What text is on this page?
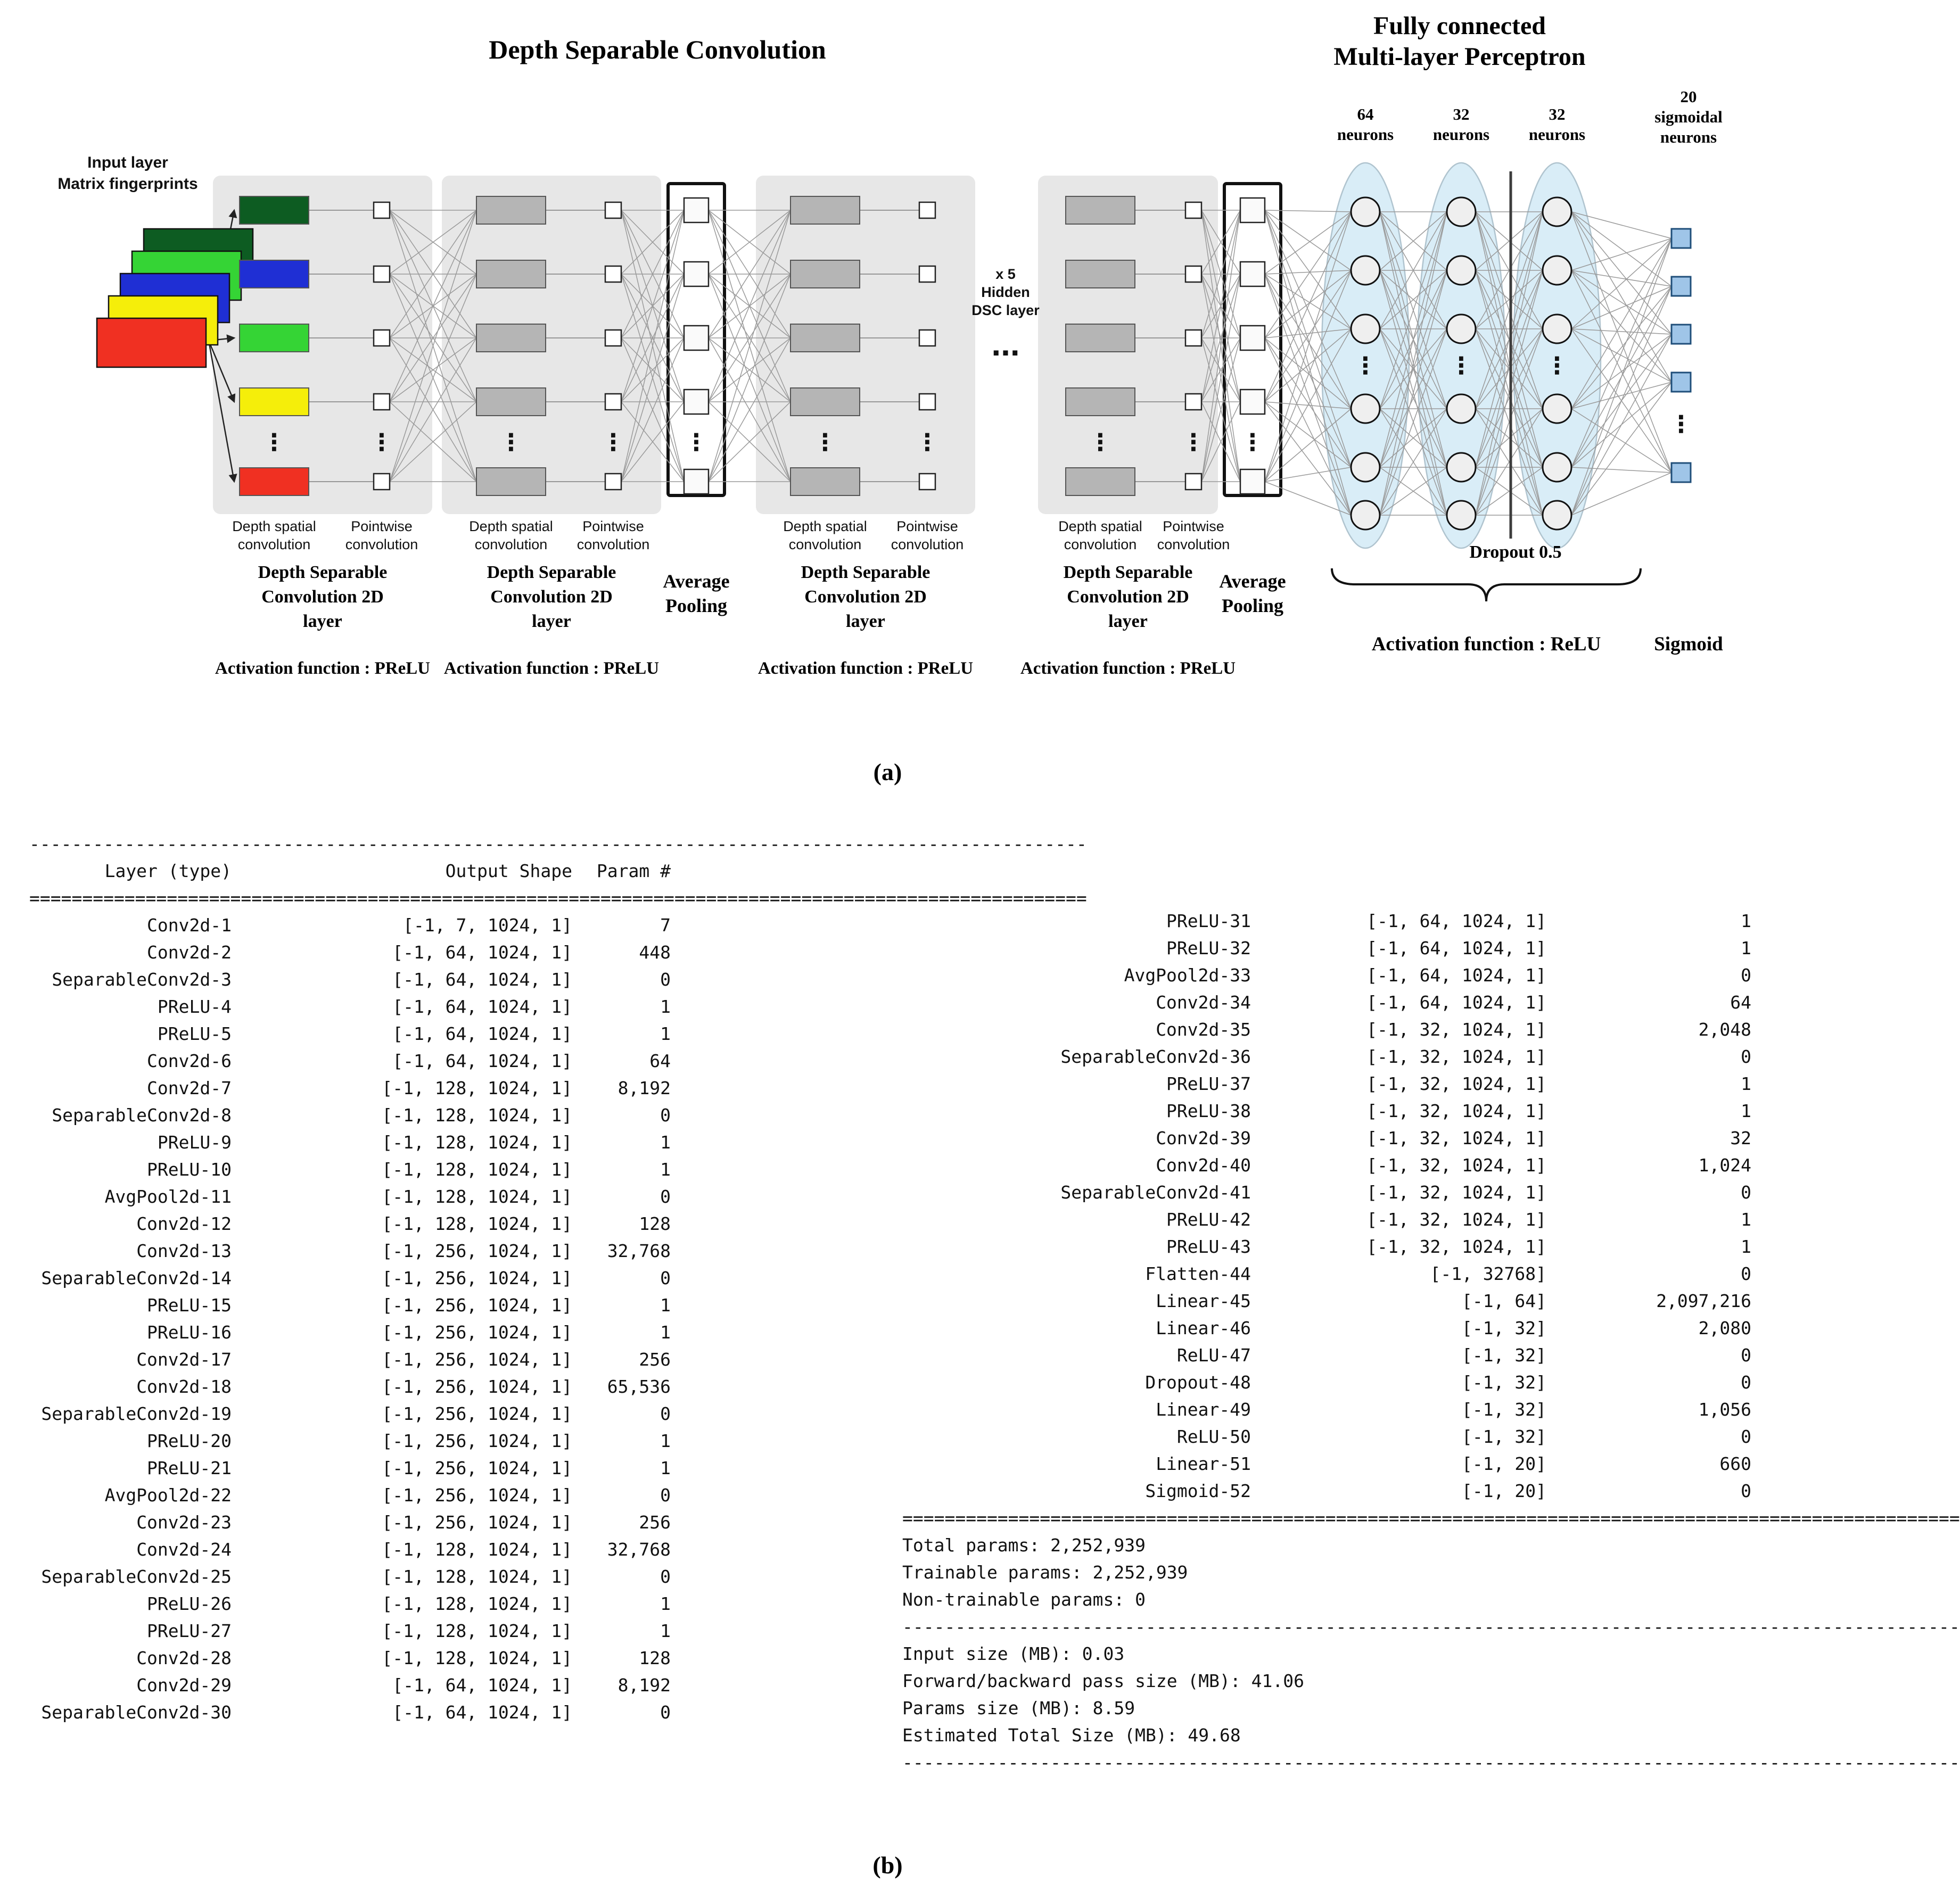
⋮	⋮	⋮	⋮	⋮	⋮	⋮	⋮
⋮	⋮
⋮	⋮	⋮
⋮
Depth spatial
convolution
Pointwise
convolution
Depth Separable
Convolution 2D
layer
Activation function : PReLU
Depth spatial
convolution
Pointwise
convolution
Depth Separable
Convolution 2D
layer
Activation function : PReLU
Depth spatial
convolution
Pointwise
convolution
Depth Separable
Convolution 2D
layer
Activation function : PReLU
Depth spatial
convolution
Pointwise
convolution
Depth Separable
Convolution 2D
layer
Activation function : PReLU
Average
Pooling
Average
Pooling
64
neurons
32
neurons
32
neurons
20
sigmoidal
neurons
Depth Separable Convolution
Fully connected
Multi-layer Perceptron
Input layer
Matrix fingerprints
x 5
Hidden
DSC layer
...
Dropout 0.5
Activation function : ReLU	Sigmoid
(a)
----------------------------------------------------------------------------------------------------
Layer (type)	Output Shape	Param #
====================================================================================================
Conv2d-1	[-1, 7, 1024, 1]	7
Conv2d-2	[-1, 64, 1024, 1]	448
SeparableConv2d-3	[-1, 64, 1024, 1]	0
PReLU-4	[-1, 64, 1024, 1]	1
PReLU-5	[-1, 64, 1024, 1]	1
Conv2d-6	[-1, 64, 1024, 1]	64
Conv2d-7	[-1, 128, 1024, 1]	8,192
SeparableConv2d-8	[-1, 128, 1024, 1]	0
PReLU-9	[-1, 128, 1024, 1]	1
PReLU-10	[-1, 128, 1024, 1]	1
AvgPool2d-11	[-1, 128, 1024, 1]	0
Conv2d-12	[-1, 128, 1024, 1]	128
Conv2d-13	[-1, 256, 1024, 1]	32,768
SeparableConv2d-14	[-1, 256, 1024, 1]	0
PReLU-15	[-1, 256, 1024, 1]	1
PReLU-16	[-1, 256, 1024, 1]	1
Conv2d-17	[-1, 256, 1024, 1]	256
Conv2d-18	[-1, 256, 1024, 1]	65,536
SeparableConv2d-19	[-1, 256, 1024, 1]	0
PReLU-20	[-1, 256, 1024, 1]	1
PReLU-21	[-1, 256, 1024, 1]	1
AvgPool2d-22	[-1, 256, 1024, 1]	0
Conv2d-23	[-1, 256, 1024, 1]	256
Conv2d-24	[-1, 128, 1024, 1]	32,768
SeparableConv2d-25	[-1, 128, 1024, 1]	0
PReLU-26	[-1, 128, 1024, 1]	1
PReLU-27	[-1, 128, 1024, 1]	1
Conv2d-28	[-1, 128, 1024, 1]	128
Conv2d-29	[-1, 64, 1024, 1]	8,192
SeparableConv2d-30	[-1, 64, 1024, 1]	0
PReLU-31	[-1, 64, 1024, 1]	1
PReLU-32	[-1, 64, 1024, 1]	1
AvgPool2d-33	[-1, 64, 1024, 1]	0
Conv2d-34	[-1, 64, 1024, 1]	64
Conv2d-35	[-1, 32, 1024, 1]	2,048
SeparableConv2d-36	[-1, 32, 1024, 1]	0
PReLU-37	[-1, 32, 1024, 1]	1
PReLU-38	[-1, 32, 1024, 1]	1
Conv2d-39	[-1, 32, 1024, 1]	32
Conv2d-40	[-1, 32, 1024, 1]	1,024
SeparableConv2d-41	[-1, 32, 1024, 1]	0
PReLU-42	[-1, 32, 1024, 1]	1
PReLU-43	[-1, 32, 1024, 1]	1
Flatten-44	[-1, 32768]	0
Linear-45	[-1, 64]	2,097,216
Linear-46	[-1, 32]	2,080
ReLU-47	[-1, 32]	0
Dropout-48	[-1, 32]	0
Linear-49	[-1, 32]	1,056
ReLU-50	[-1, 32]	0
Linear-51	[-1, 20]	660
Sigmoid-52	[-1, 20]	0
====================================================================================================
Total params: 2,252,939
Trainable params: 2,252,939
Non-trainable params: 0
----------------------------------------------------------------------------------------------------
Input size (MB): 0.03
Forward/backward pass size (MB): 41.06
Params size (MB): 8.59
Estimated Total Size (MB): 49.68
----------------------------------------------------------------------------------------------------
(b)
